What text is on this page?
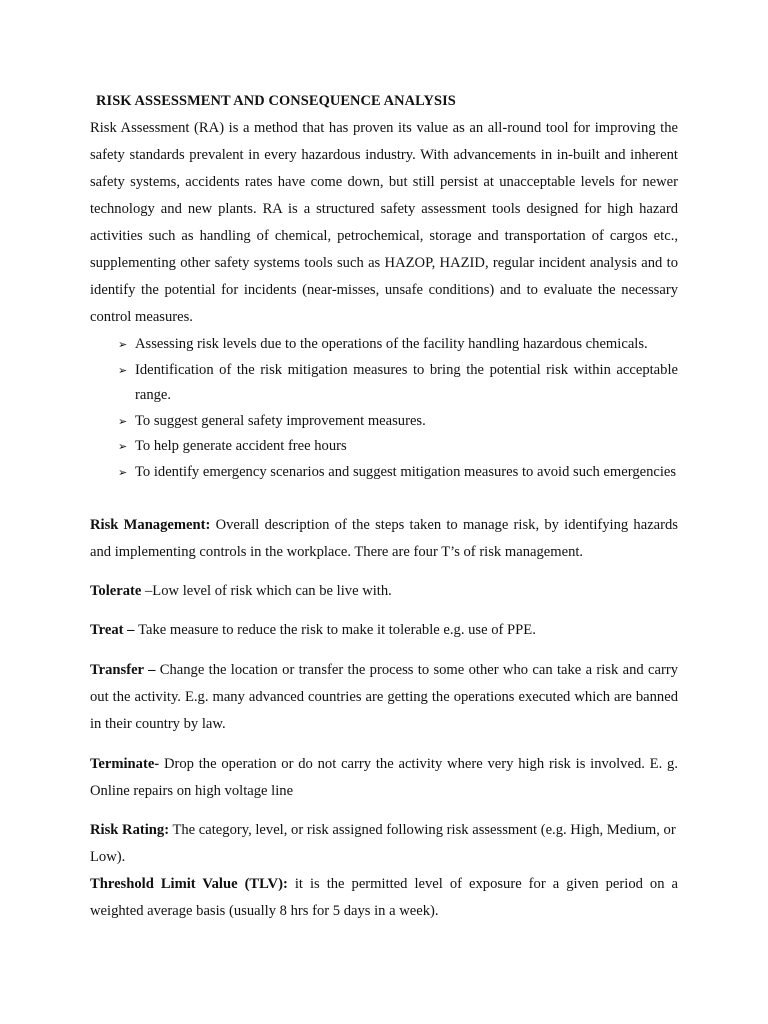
RISK ASSESSMENT AND CONSEQUENCE ANALYSIS

Risk Assessment (RA) is a method that has proven its value as an all-round tool for improving the safety standards prevalent in every hazardous industry. With advancements in in-built and inherent safety systems, accidents rates have come down, but still persist at unacceptable levels for newer technology and new plants. RA is a structured safety assessment tools designed for high hazard activities such as handling of chemical, petrochemical, storage and transportation of cargos etc., supplementing other safety systems tools such as HAZOP, HAZID, regular incident analysis and to identify the potential for incidents (near-misses, unsafe conditions) and to evaluate the necessary control measures.

➢ Assessing risk levels due to the operations of the facility handling hazardous chemicals.
➢ Identification of the risk mitigation measures to bring the potential risk within acceptable range.
➢ To suggest general safety improvement measures.
➢ To help generate accident free hours
➢ To identify emergency scenarios and suggest mitigation measures to avoid such emergencies

Risk Management: Overall description of the steps taken to manage risk, by identifying hazards and implementing controls in the workplace. There are four T’s of risk management.

Tolerate –Low level of risk which can be live with.

Treat – Take measure to reduce the risk to make it tolerable e.g. use of PPE.

Transfer – Change the location or transfer the process to some other who can take a risk and carry out the activity. E.g. many advanced countries are getting the operations executed which are banned in their country by law.

Terminate- Drop the operation or do not carry the activity where very high risk is involved. E. g. Online repairs on high voltage line

Risk Rating: The category, level, or risk assigned following risk assessment (e.g. High, Medium, or Low).

Threshold Limit Value (TLV): it is the permitted level of exposure for a given period on a weighted average basis (usually 8 hrs for 5 days in a week).
